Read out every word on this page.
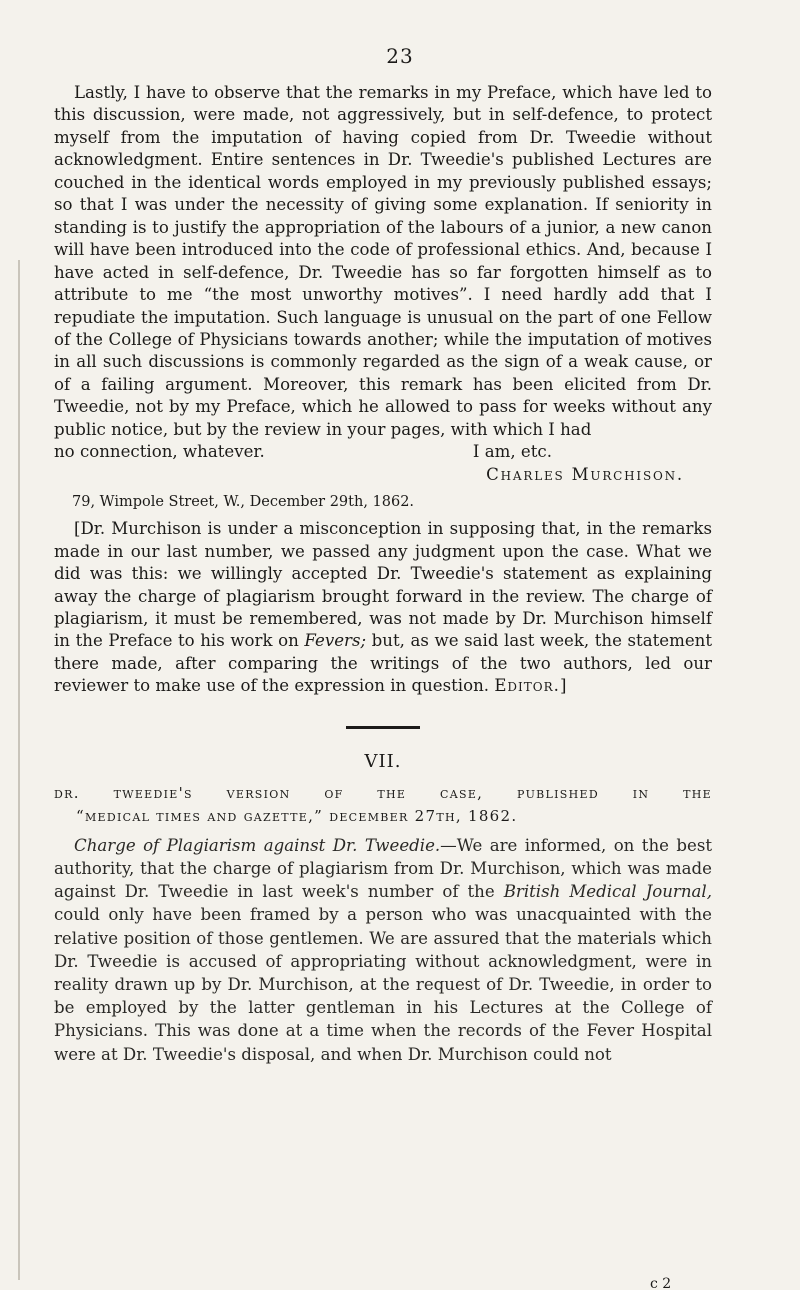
23

Lastly, I have to observe that the remarks in my Preface, which have led to this discussion, were made, not aggressively, but in self-defence, to protect myself from the imputation of having copied from Dr. Tweedie without acknowledgment. Entire sentences in Dr. Tweedie's published Lectures are couched in the identical words employed in my previously published essays; so that I was under the necessity of giving some explanation. If seniority in standing is to justify the appropriation of the labours of a junior, a new canon will have been introduced into the code of professional ethics. And, because I have acted in self-defence, Dr. Tweedie has so far forgotten himself as to attribute to me “the most unworthy motives”. I need hardly add that I repudiate the imputation. Such language is unusual on the part of one Fellow of the College of Physicians towards another; while the imputation of motives in all such discussions is commonly regarded as the sign of a weak cause, or of a failing argument. Moreover, this remark has been elicited from Dr. Tweedie, not by my Preface, which he allowed to pass for weeks without any public notice, but by the review in your pages, with which I had

no connection, whatever.	I am, etc.
Charles Murchison.
79, Wimpole Street, W., December 29th, 1862.

[Dr. Murchison is under a misconception in supposing that, in the remarks made in our last number, we passed any judgment upon the case. What we did was this: we willingly accepted Dr. Tweedie's statement as explaining away the charge of plagiarism brought forward in the review. The charge of plagiarism, it must be remembered, was not made by Dr. Murchison himself in the Preface to his work on Fevers; but, as we said last week, the statement there made, after comparing the writings of the two authors, led our reviewer to make use of the expression in question. Editor.]

VII.
dr. tweedie's version of the case, published in the
“medical times and gazette,” december 27th, 1862.

Charge of Plagiarism against Dr. Tweedie.—We are informed, on the best authority, that the charge of plagiarism from Dr. Murchison, which was made against Dr. Tweedie in last week's number of the British Medical Journal, could only have been framed by a person who was unacquainted with the relative position of those gentlemen. We are assured that the materials which Dr. Tweedie is accused of appropriating without acknowledgment, were in reality drawn up by Dr. Murchison, at the request of Dr. Tweedie, in order to be employed by the latter gentleman in his Lectures at the College of Physicians. This was done at a time when the records of the Fever Hospital were at Dr. Tweedie's disposal, and when Dr. Murchison could not

c 2
